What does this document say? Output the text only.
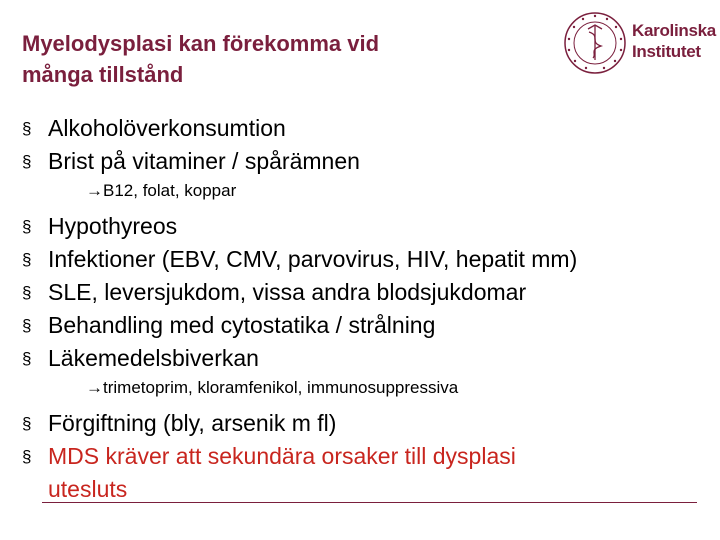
Myelodysplasi kan förekomma vid
många tillstånd
Karolinska
Institutet
§ Alkoholöverkonsumtion
§ Brist på vitaminer / spårämnen
→B12, folat, koppar
§ Hypothyreos
§ Infektioner (EBV, CMV, parvovirus, HIV, hepatit mm)
§ SLE, leversjukdom, vissa andra blodsjukdomar
§ Behandling med cytostatika / strålning
§ Läkemedelsbiverkan
→trimetoprim, kloramfenikol, immunosuppressiva
§ Förgiftning (bly, arsenik m fl)
§ MDS kräver att sekundära orsaker till dysplasi
utesluts
